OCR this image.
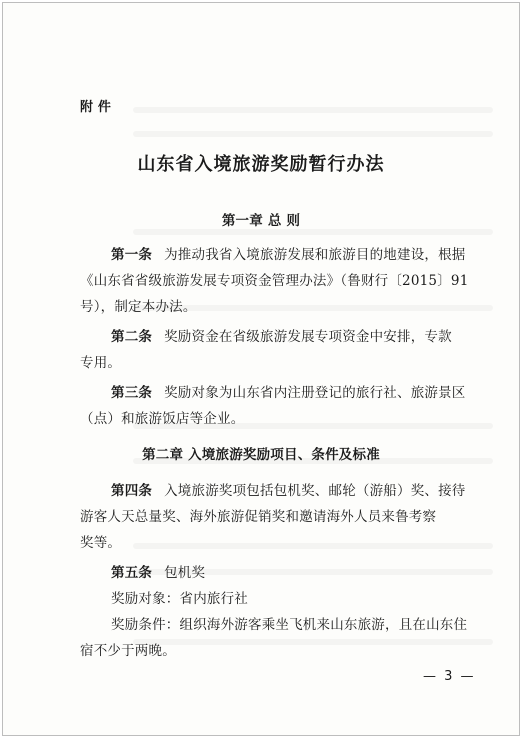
附 件
山东省入境旅游奖励暂行办法
第一章 总 则
第一条 为推动我省入境旅游发展和旅游目的地建设，根据
《山东省省级旅游发展专项资金管理办法》（鲁财行〔2015〕91
号），制定本办法。
第二条 奖励资金在省级旅游发展专项资金中安排，专款
专用。
第三条 奖励对象为山东省内注册登记的旅行社、旅游景区
（点）和旅游饭店等企业。
第二章 入境旅游奖励项目、条件及标准
第四条 入境旅游奖项包括包机奖、邮轮（游船）奖、接待
游客人天总量奖、海外旅游促销奖和邀请海外人员来鲁考察
奖等。
第五条 包机奖
奖励对象：省内旅行社
奖励条件：组织海外游客乘坐飞机来山东旅游，且在山东住
宿不少于两晚。
— 3 —
